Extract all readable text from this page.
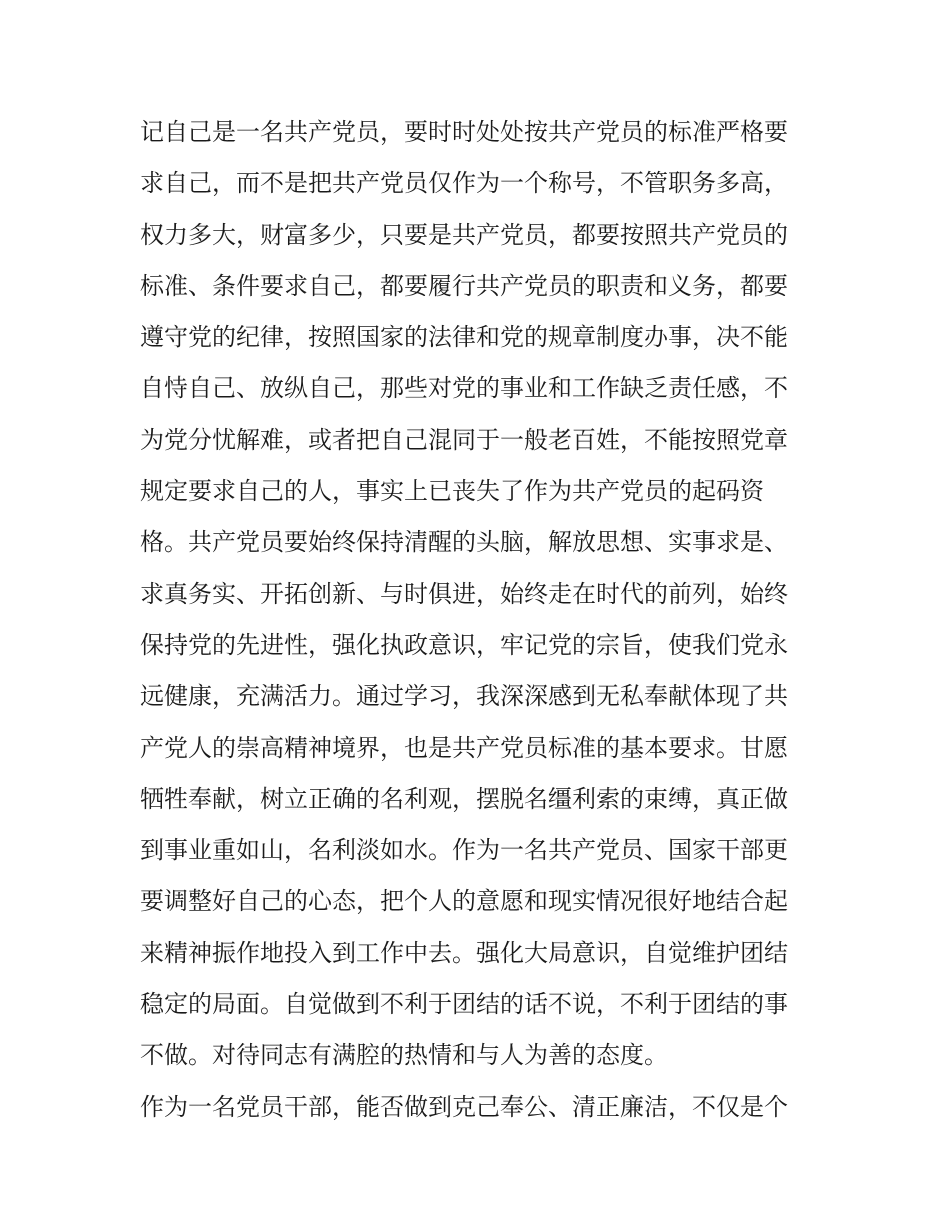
记自己是一名共产党员，要时时处处按共产党员的标准严格要
求自己，而不是把共产党员仅作为一个称号，不管职务多高，
权力多大，财富多少，只要是共产党员，都要按照共产党员的
标准、条件要求自己，都要履行共产党员的职责和义务，都要
遵守党的纪律，按照国家的法律和党的规章制度办事，决不能
自恃自己、放纵自己，那些对党的事业和工作缺乏责任感，不
为党分忧解难，或者把自己混同于一般老百姓，不能按照党章
规定要求自己的人，事实上已丧失了作为共产党员的起码资
格。共产党员要始终保持清醒的头脑，解放思想、实事求是、
求真务实、开拓创新、与时俱进，始终走在时代的前列，始终
保持党的先进性，强化执政意识，牢记党的宗旨，使我们党永
远健康，充满活力。通过学习，我深深感到无私奉献体现了共
产党人的崇高精神境界，也是共产党员标准的基本要求。甘愿
牺牲奉献，树立正确的名利观，摆脱名缰利索的束缚，真正做
到事业重如山，名利淡如水。作为一名共产党员、国家干部更
要调整好自己的心态，把个人的意愿和现实情况很好地结合起
来精神振作地投入到工作中去。强化大局意识，自觉维护团结
稳定的局面。自觉做到不利于团结的话不说，不利于团结的事
不做。对待同志有满腔的热情和与人为善的态度。
作为一名党员干部，能否做到克己奉公、清正廉洁，不仅是个
